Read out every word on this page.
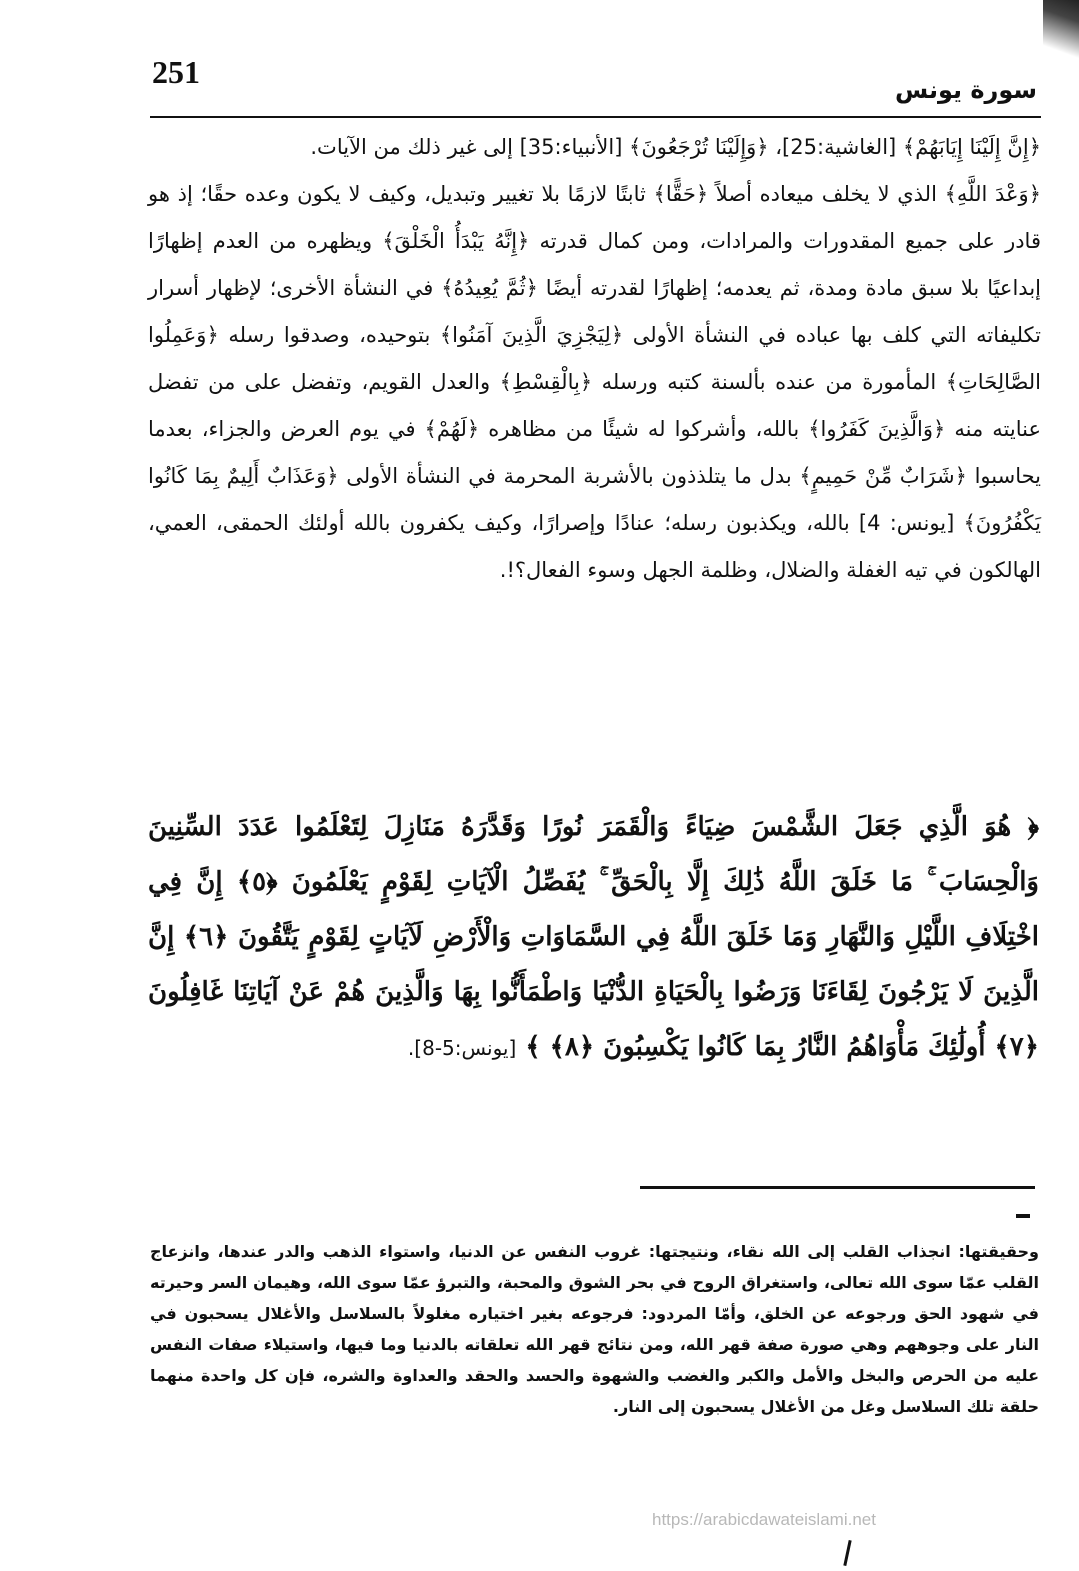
251	سورة يونس

﴿إِنَّ إِلَيْنَا إِيَابَهُمْ﴾ [الغاشية:25]، ﴿وَإِلَيْنَا تُرْجَعُونَ﴾ [الأنبياء:35] إلى غير ذلك من الآيات.

﴿وَعْدَ اللَّهِ﴾ الذي لا يخلف ميعاده أصلاً ﴿حَقًّا﴾ ثابتًا لازمًا بلا تغيير وتبديل، وكيف لا يكون وعده حقًا؛ إذ هو قادر على جميع المقدورات والمرادات، ومن كمال قدرته ﴿إِنَّهُ يَبْدَأُ الْخَلْقَ﴾ ويظهره من العدم إظهارًا إبداعيًا بلا سبق مادة ومدة، ثم يعدمه؛ إظهارًا لقدرته أيضًا ﴿ثُمَّ يُعِيدُهُ﴾ في النشأة الأخرى؛ لإظهار أسرار تكليفاته التي كلف بها عباده في النشأة الأولى ﴿لِيَجْزِيَ الَّذِينَ آمَنُوا﴾ بتوحيده، وصدقوا رسله ﴿وَعَمِلُوا الصَّالِحَاتِ﴾ المأمورة من عنده بألسنة كتبه ورسله ﴿بِالْقِسْطِ﴾ والعدل القويم، وتفضل على من تفضل عنايته منه ﴿وَالَّذِينَ كَفَرُوا﴾ بالله، وأشركوا له شيئًا من مظاهره ﴿لَهُمْ﴾ في يوم العرض والجزاء، بعدما يحاسبوا ﴿شَرَابٌ مِّنْ حَمِيمٍ﴾ بدل ما يتلذذون بالأشربة المحرمة في النشأة الأولى ﴿وَعَذَابٌ أَلِيمٌ بِمَا كَانُوا يَكْفُرُونَ﴾ [يونس: 4] بالله، ويكذبون رسله؛ عنادًا وإصرارًا، وكيف يكفرون بالله أولئك الحمقى، العمي، الهالكون في تيه الغفلة والضلال، وظلمة الجهل وسوء الفعال؟!.

﴿ هُوَ الَّذِي جَعَلَ الشَّمْسَ ضِيَاءً وَالْقَمَرَ نُورًا وَقَدَّرَهُ مَنَازِلَ لِتَعْلَمُوا عَدَدَ السِّنِينَ وَالْحِسَابَ ۚ مَا خَلَقَ اللَّهُ ذَٰلِكَ إِلَّا بِالْحَقِّ ۚ يُفَصِّلُ الْآيَاتِ لِقَوْمٍ يَعْلَمُونَ ﴿٥﴾ إِنَّ فِي اخْتِلَافِ اللَّيْلِ وَالنَّهَارِ وَمَا خَلَقَ اللَّهُ فِي السَّمَاوَاتِ وَالْأَرْضِ لَآيَاتٍ لِقَوْمٍ يَتَّقُونَ ﴿٦﴾ إِنَّ الَّذِينَ لَا يَرْجُونَ لِقَاءَنَا وَرَضُوا بِالْحَيَاةِ الدُّنْيَا وَاطْمَأَنُّوا بِهَا وَالَّذِينَ هُمْ عَنْ آيَاتِنَا غَافِلُونَ ﴿٧﴾ أُولَٰئِكَ مَأْوَاهُمُ النَّارُ بِمَا كَانُوا يَكْسِبُونَ ﴿٨﴾ ﴾ [يونس:5-8].

وحقيقتها: انجذاب القلب إلى الله نقاء، ونتيجتها: غروب النفس عن الدنيا، واستواء الذهب والدر عندها، وانزعاج القلب عمّا سوى الله تعالى، واستغراق الروح في بحر الشوق والمحبة، والتبرؤ عمّا سوى الله، وهيمان السر وحيرته في شهود الحق ورجوعه عن الخلق، وأمّا المردود: فرجوعه بغير اختياره مغلولاً بالسلاسل والأغلال يسحبون في النار على وجوههم وهي صورة صفة قهر الله، ومن نتائج قهر الله تعلقاته بالدنيا وما فيها، واستيلاء صفات النفس عليه من الحرص والبخل والأمل والكبر والغضب والشهوة والحسد والحقد والعداوة والشره، فإن كل واحدة منهما حلقة تلك السلاسل وغل من الأغلال يسحبون إلى النار.

https://arabicdawateislami.net
